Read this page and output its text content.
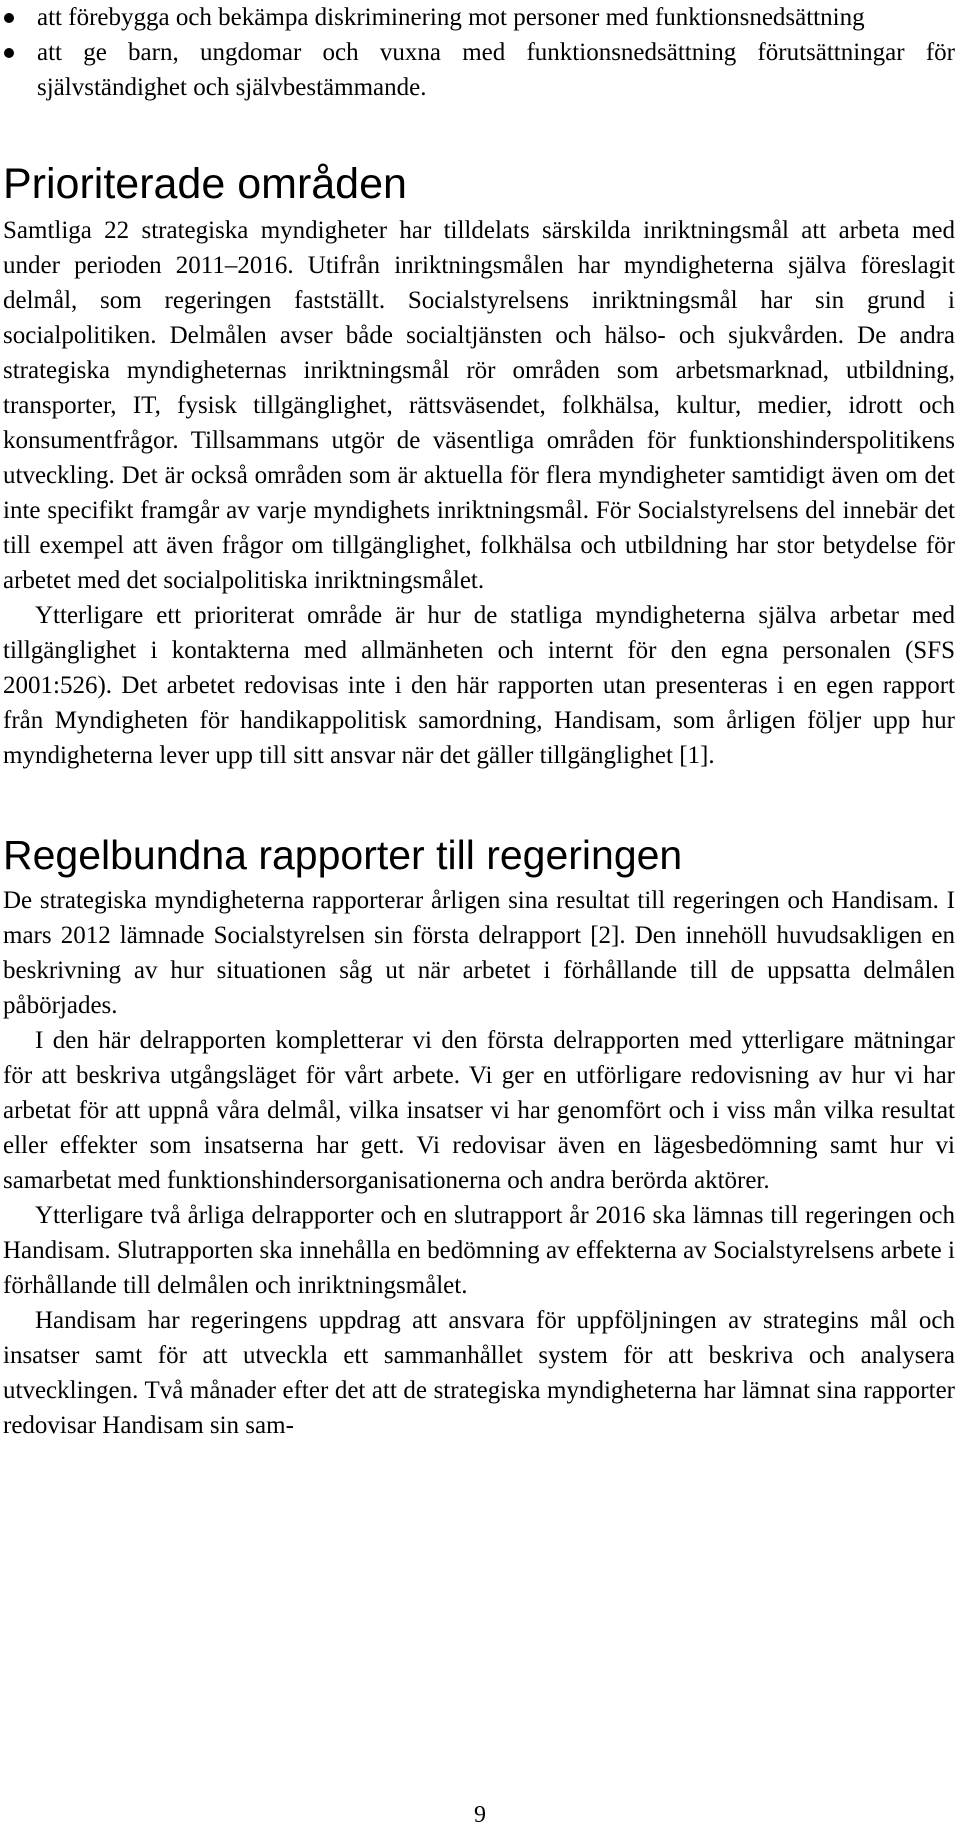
att förebygga och bekämpa diskriminering mot personer med funktionsnedsättning
att ge barn, ungdomar och vuxna med funktionsnedsättning förutsättningar för självständighet och självbestämmande.
Prioriterade områden

Samtliga 22 strategiska myndigheter har tilldelats särskilda inriktningsmål att arbeta med under perioden 2011–2016. Utifrån inriktningsmålen har myndigheterna själva föreslagit delmål, som regeringen fastställt. Socialstyrelsens inriktningsmål har sin grund i socialpolitiken. Delmålen avser både socialtjänsten och hälso- och sjukvården. De andra strategiska myndigheternas inriktningsmål rör områden som arbetsmarknad, utbildning, transporter, IT, fysisk tillgänglighet, rättsväsendet, folkhälsa, kultur, medier, idrott och konsumentfrågor. Tillsammans utgör de väsentliga områden för funktionshinderspolitikens utveckling. Det är också områden som är aktuella för flera myndigheter samtidigt även om det inte specifikt framgår av varje myndighets inriktningsmål. För Socialstyrelsens del innebär det till exempel att även frågor om tillgänglighet, folkhälsa och utbildning har stor betydelse för arbetet med det socialpolitiska inriktningsmålet.

Ytterligare ett prioriterat område är hur de statliga myndigheterna själva arbetar med tillgänglighet i kontakterna med allmänheten och internt för den egna personalen (SFS 2001:526). Det arbetet redovisas inte i den här rapporten utan presenteras i en egen rapport från Myndigheten för handikappolitisk samordning, Handisam, som årligen följer upp hur myndigheterna lever upp till sitt ansvar när det gäller tillgänglighet [1].

Regelbundna rapporter till regeringen

De strategiska myndigheterna rapporterar årligen sina resultat till regeringen och Handisam. I mars 2012 lämnade Socialstyrelsen sin första delrapport [2]. Den innehöll huvudsakligen en beskrivning av hur situationen såg ut när arbetet i förhållande till de uppsatta delmålen påbörjades.

I den här delrapporten kompletterar vi den första delrapporten med ytterligare mätningar för att beskriva utgångsläget för vårt arbete. Vi ger en utförligare redovisning av hur vi har arbetat för att uppnå våra delmål, vilka insatser vi har genomfört och i viss mån vilka resultat eller effekter som insatserna har gett. Vi redovisar även en lägesbedömning samt hur vi samarbetat med funktionshindersorganisationerna och andra berörda aktörer.

Ytterligare två årliga delrapporter och en slutrapport år 2016 ska lämnas till regeringen och Handisam. Slutrapporten ska innehålla en bedömning av effekterna av Socialstyrelsens arbete i förhållande till delmålen och inriktningsmålet.

Handisam har regeringens uppdrag att ansvara för uppföljningen av strategins mål och insatser samt för att utveckla ett sammanhållet system för att beskriva och analysera utvecklingen. Två månader efter det att de strategiska myndigheterna har lämnat sina rapporter redovisar Handisam sin sam-

9
